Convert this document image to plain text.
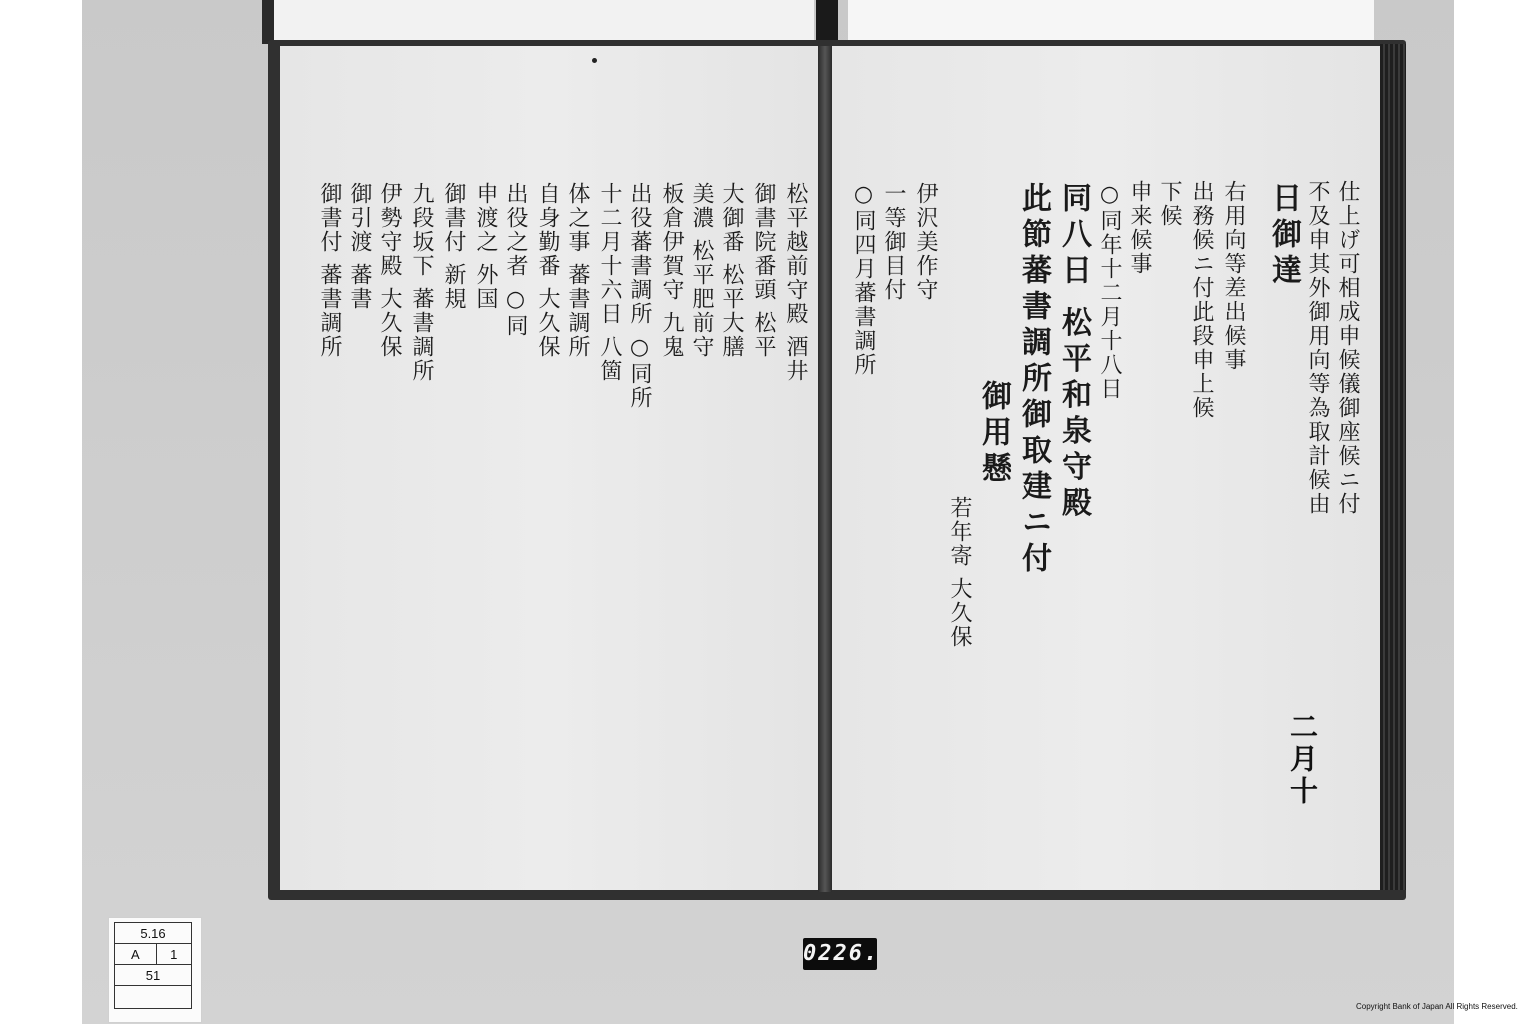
仕上げ可相成申候儀御座候ニ付
不及申其外御用向等為取計候由
日御達
右用向等差出候事
出務候ニ付此段申上候
下候
申来候事
○同年十二月十八日
同八日 松平和泉守殿
此節蕃書調所御取建ニ付
御用懸
若年寄 大久保
伊沢美作守
一等御目付
○同四月蕃書調所
二月十
松平越前守殿 酒井
御書院番頭 松平
大御番 松平大膳
美濃 松平肥前守
板倉伊賀守 九鬼
出役蕃書調所 ○同所
十二月十六日 八箇
体之事 蕃書調所
自身勤番 大久保
出役之者 ○同
申渡之 外国
御書付 新規
九段坂下 蕃書調所
伊勢守殿 大久保
御引渡 蕃書
御書付 蕃書調所
5.16
A	1
51

0226.
Copyright Bank of Japan All Rights Reserved.
